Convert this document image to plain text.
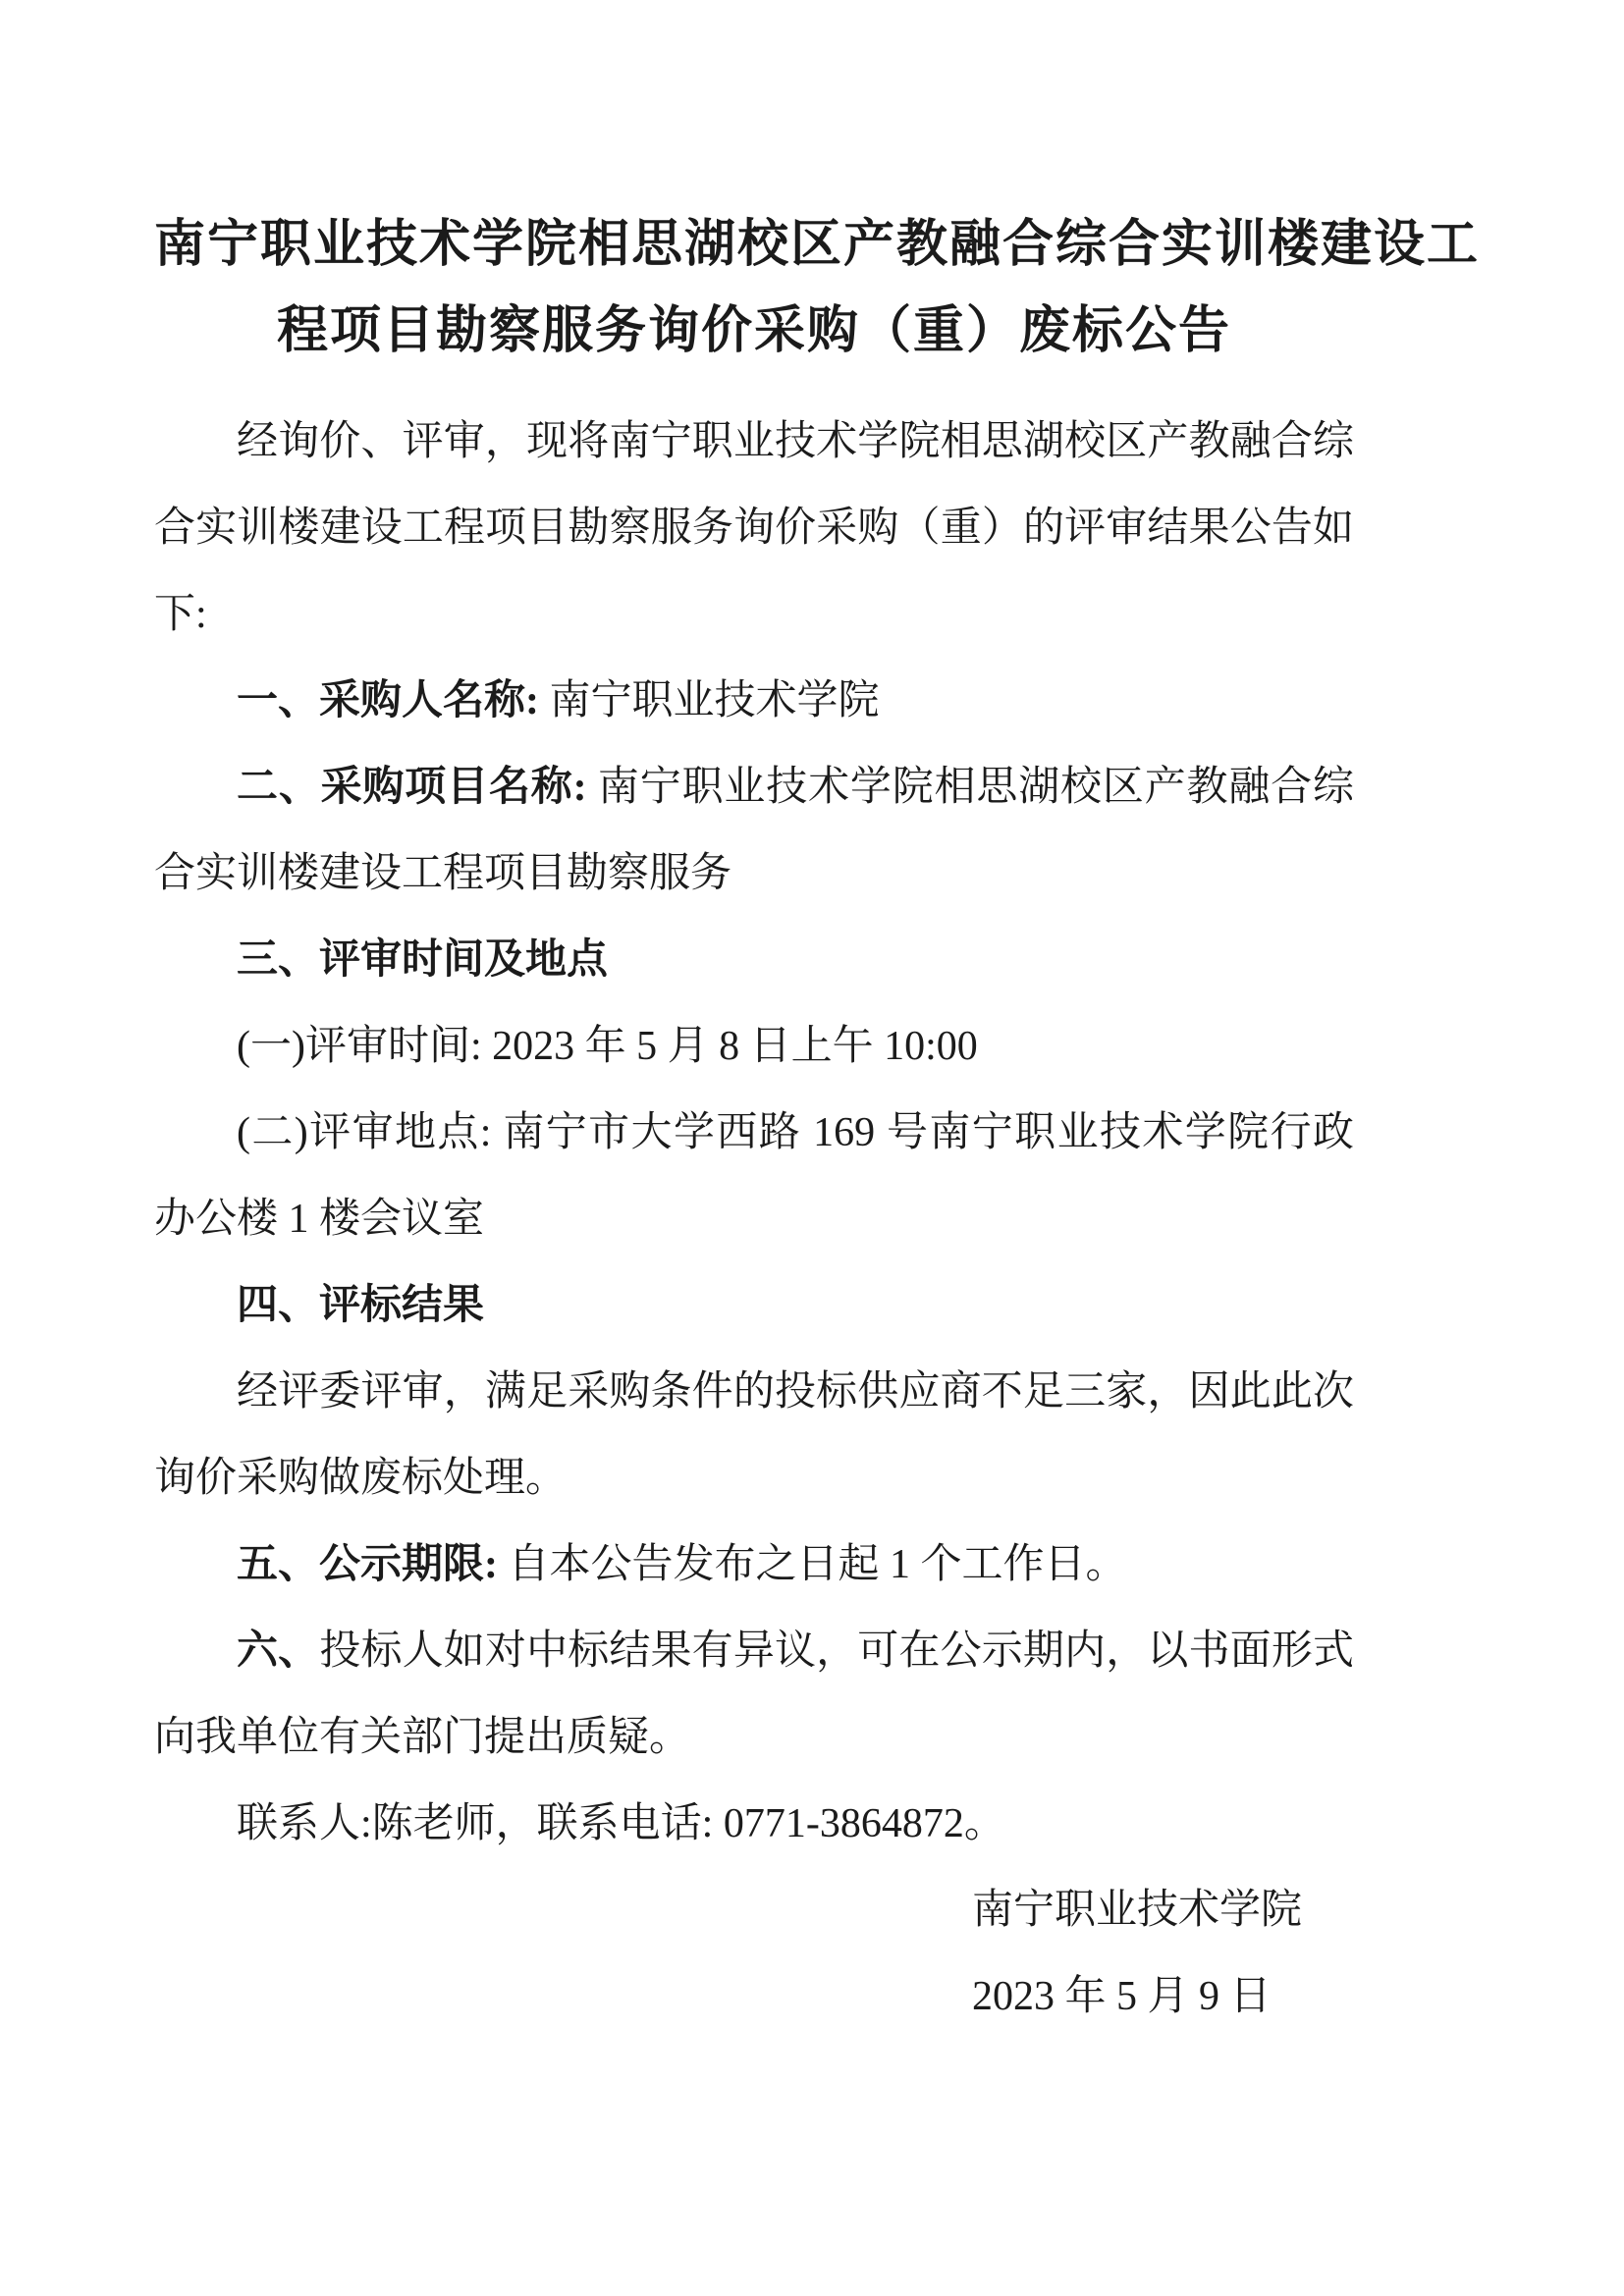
南宁职业技术学院相思湖校区产教融合综合实训楼建设工
程项目勘察服务询价采购（重）废标公告
经询价、评审，现将南宁职业技术学院相思湖校区产教融合综
合实训楼建设工程项目勘察服务询价采购（重）的评审结果公告如
下:
一、采购人名称: 南宁职业技术学院
二、采购项目名称: 南宁职业技术学院相思湖校区产教融合综
合实训楼建设工程项目勘察服务
三、评审时间及地点
(一)评审时间: 2023 年 5 月 8 日上午 10:00
(二)评审地点: 南宁市大学西路 169 号南宁职业技术学院行政
办公楼 1 楼会议室
四、评标结果
经评委评审，满足采购条件的投标供应商不足三家，因此此次
询价采购做废标处理。
五、公示期限: 自本公告发布之日起 1 个工作日。
六、投标人如对中标结果有异议，可在公示期内，以书面形式
向我单位有关部门提出质疑。
联系人:陈老师，联系电话: 0771-3864872。
南宁职业技术学院
2023 年 5 月 9 日
